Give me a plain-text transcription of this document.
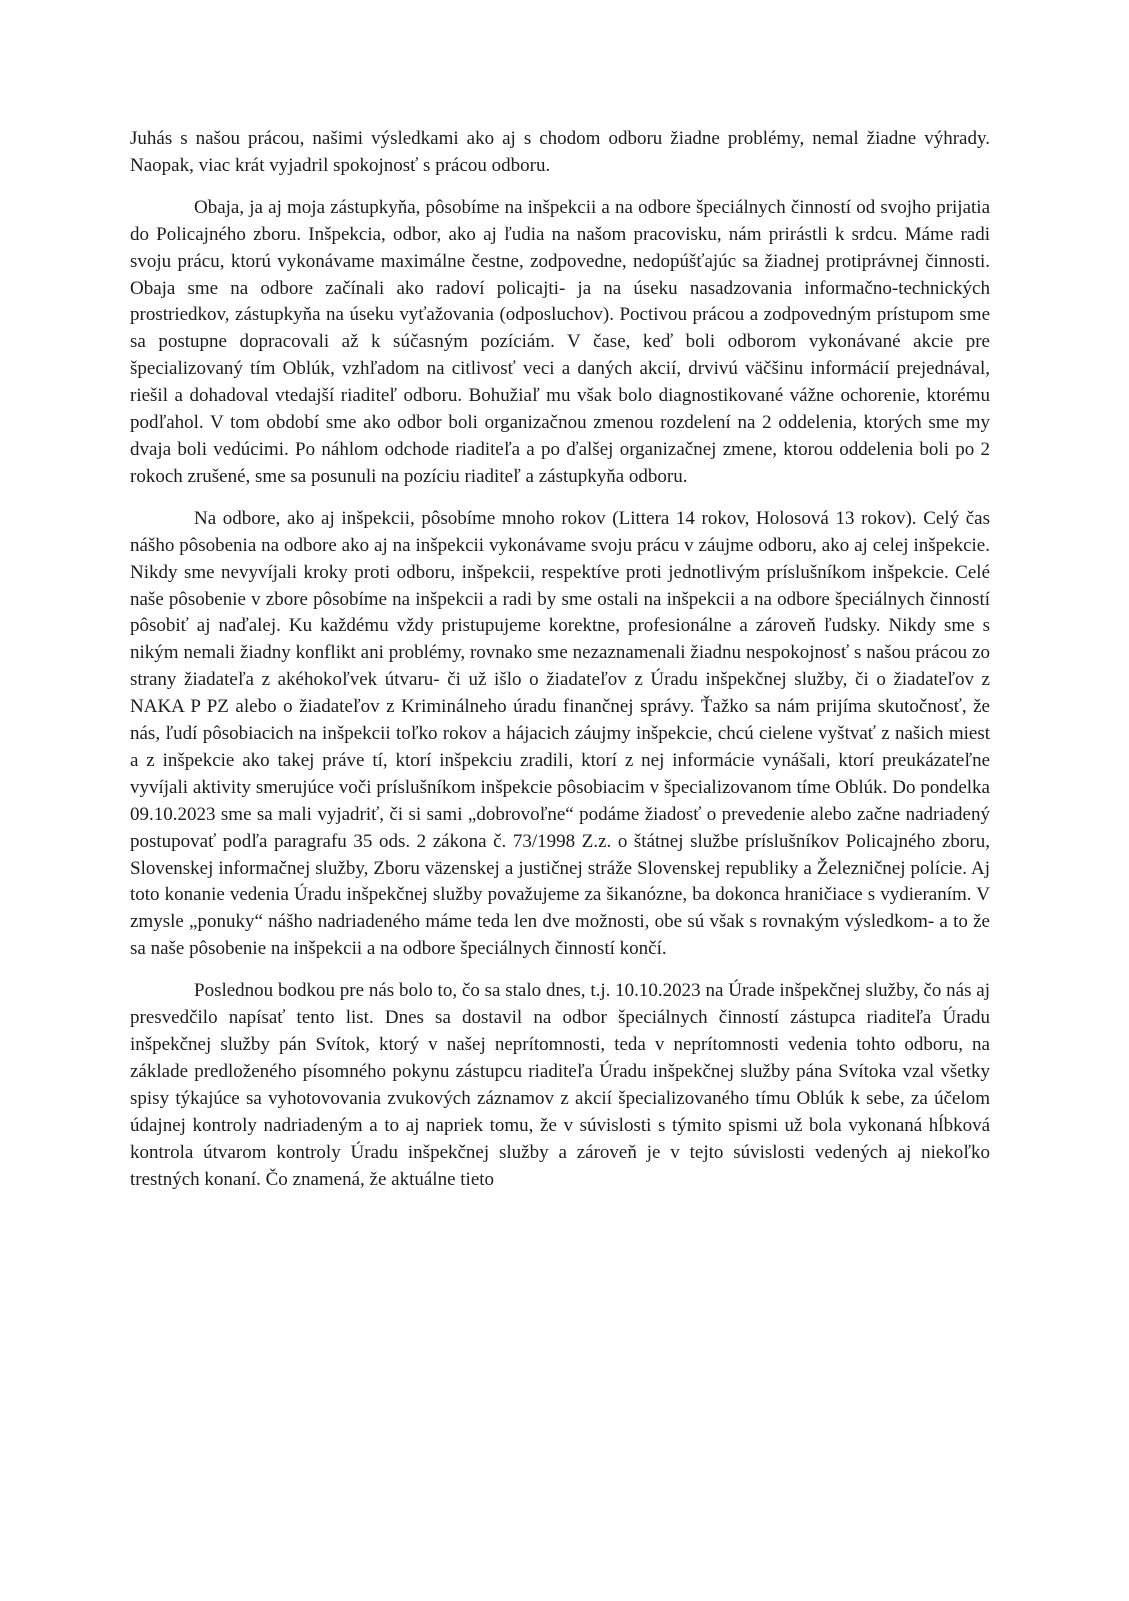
Juhás s našou prácou, našimi výsledkami ako aj s chodom odboru žiadne problémy, nemal žiadne výhrady. Naopak, viac krát vyjadril spokojnosť s prácou odboru.

Obaja, ja aj moja zástupkyňa, pôsobíme na inšpekcii a na odbore špeciálnych činností od svojho prijatia do Policajného zboru. Inšpekcia, odbor, ako aj ľudia na našom pracovisku, nám prirástli k srdcu. Máme radi svoju prácu, ktorú vykonávame maximálne čestne, zodpovedne, nedopúšťajúc sa žiadnej protiprávnej činnosti. Obaja sme na odbore začínali ako radoví policajti- ja na úseku nasadzovania informačno-technických prostriedkov, zástupkyňa na úseku vyťažovania (odposluchov). Poctivou prácou a zodpovedným prístupom sme sa postupne dopracovali až k súčasným pozíciám. V čase, keď boli odborom vykonávané akcie pre špecializovaný tím Oblúk, vzhľadom na citlivosť veci a daných akcií, drvivú väčšinu informácií prejednával, riešil a dohadoval vtedajší riaditeľ odboru. Bohužiaľ mu však bolo diagnostikované vážne ochorenie, ktorému podľahol. V tom období sme ako odbor boli organizačnou zmenou rozdelení na 2 oddelenia, ktorých sme my dvaja boli vedúcimi. Po náhlom odchode riaditeľa a po ďalšej organizačnej zmene, ktorou oddelenia boli po 2 rokoch zrušené, sme sa posunuli na pozíciu riaditeľ a zástupkyňa odboru.

Na odbore, ako aj inšpekcii, pôsobíme mnoho rokov (Littera 14 rokov, Holosová 13 rokov). Celý čas nášho pôsobenia na odbore ako aj na inšpekcii vykonávame svoju prácu v záujme odboru, ako aj celej inšpekcie. Nikdy sme nevyvíjali kroky proti odboru, inšpekcii, respektíve proti jednotlivým príslušníkom inšpekcie. Celé naše pôsobenie v zbore pôsobíme na inšpekcii a radi by sme ostali na inšpekcii a na odbore špeciálnych činností pôsobiť aj naďalej. Ku každému vždy pristupujeme korektne, profesionálne a zároveň ľudsky. Nikdy sme s nikým nemali žiadny konflikt ani problémy, rovnako sme nezaznamenali žiadnu nespokojnosť s našou prácou zo strany žiadateľa z akéhokoľvek útvaru- či už išlo o žiadateľov z Úradu inšpekčnej služby, či o žiadateľov z NAKA P PZ alebo o žiadateľov z Kriminálneho úradu finančnej správy. Ťažko sa nám prijíma skutočnosť, že nás, ľudí pôsobiacich na inšpekcii toľko rokov a hájacich záujmy inšpekcie, chcú cielene vyštvať z našich miest a z inšpekcie ako takej práve tí, ktorí inšpekciu zradili, ktorí z nej informácie vynášali, ktorí preukázateľne vyvíjali aktivity smerujúce voči príslušníkom inšpekcie pôsobiacim v špecializovanom tíme Oblúk. Do pondelka 09.10.2023 sme sa mali vyjadriť, či si sami „dobrovoľne“ podáme žiadosť o prevedenie alebo začne nadriadený postupovať podľa paragrafu 35 ods. 2 zákona č. 73/1998 Z.z. o štátnej službe príslušníkov Policajného zboru, Slovenskej informačnej služby, Zboru väzenskej a justičnej stráže Slovenskej republiky a Železničnej polície. Aj toto konanie vedenia Úradu inšpekčnej služby považujeme za šikanózne, ba dokonca hraničiace s vydieraním. V zmysle „ponuky“ nášho nadriadeného máme teda len dve možnosti, obe sú však s rovnakým výsledkom- a to že sa naše pôsobenie na inšpekcii a na odbore špeciálnych činností končí.

Poslednou bodkou pre nás bolo to, čo sa stalo dnes, t.j. 10.10.2023 na Úrade inšpekčnej služby, čo nás aj presvedčilo napísať tento list. Dnes sa dostavil na odbor špeciálnych činností zástupca riaditeľa Úradu inšpekčnej služby pán Svítok, ktorý v našej neprítomnosti, teda v neprítomnosti vedenia tohto odboru, na základe predloženého písomného pokynu zástupcu riaditeľa Úradu inšpekčnej služby pána Svítoka vzal všetky spisy týkajúce sa vyhotovovania zvukových záznamov z akcií špecializovaného tímu Oblúk k sebe, za účelom údajnej kontroly nadriadeným a to aj napriek tomu, že v súvislosti s týmito spismi už bola vykonaná hĺbková kontrola útvarom kontroly Úradu inšpekčnej služby a zároveň je v tejto súvislosti vedených aj niekoľko trestných konaní. Čo znamená, že aktuálne tieto
